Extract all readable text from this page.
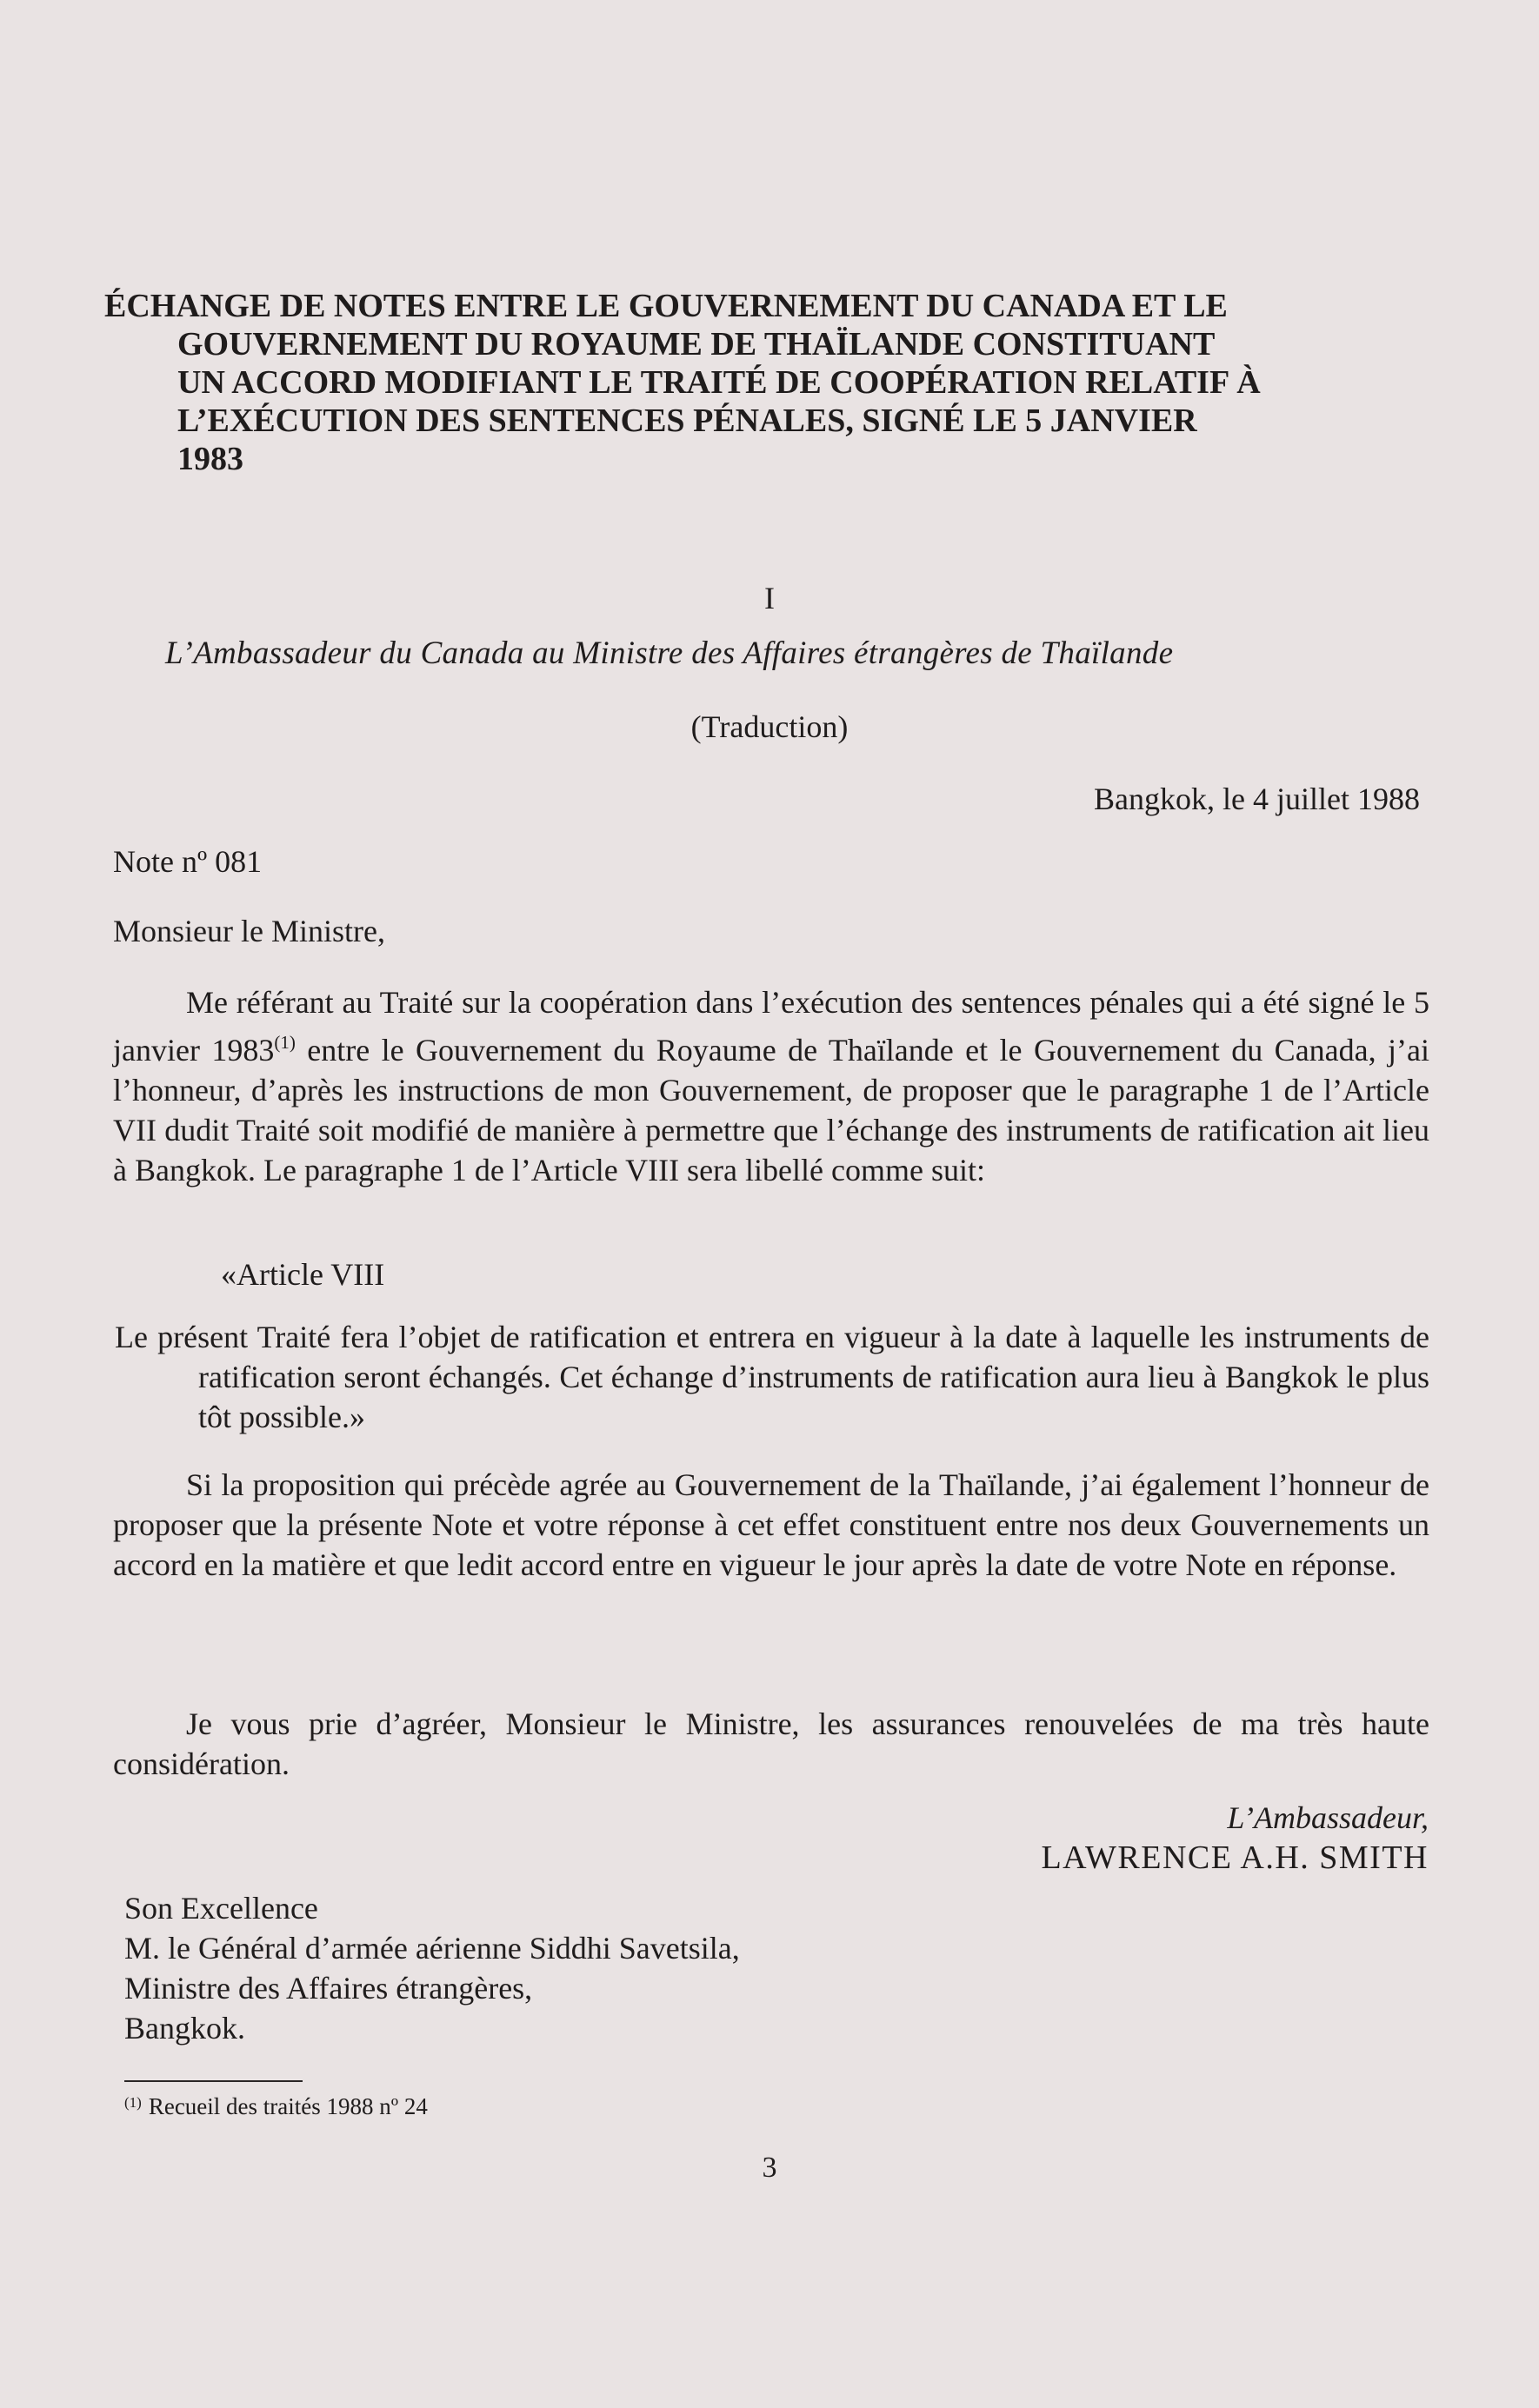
ÉCHANGE DE NOTES ENTRE LE GOUVERNEMENT DU CANADA ET LE
GOUVERNEMENT DU ROYAUME DE THAÏLANDE CONSTITUANT
UN ACCORD MODIFIANT LE TRAITÉ DE COOPÉRATION RELATIF À
L’EXÉCUTION DES SENTENCES PÉNALES, SIGNÉ LE 5 JANVIER
1983
I
L’Ambassadeur du Canada au Ministre des Affaires étrangères de Thaïlande
(Traduction)
Bangkok, le 4 juillet 1988
Note nº 081
Monsieur le Ministre,

Me référant au Traité sur la coopération dans l’exécution des sentences pénales qui a été signé le 5 janvier 1983$^{(1)}$ entre le Gouvernement du Royaume de Thaïlande et le Gouvernement du Canada, j’ai l’honneur, d’après les instructions de mon Gouvernement, de proposer que le paragraphe 1 de l’Article VII dudit Traité soit modifié de manière à permettre que l’échange des instruments de ratification ait lieu à Bangkok. Le paragraphe 1 de l’Article VIII sera libellé comme suit:

«Article VIII

Le présent Traité fera l’objet de ratification et entrera en vigueur à la date à laquelle les instruments de ratification seront échangés. Cet échange d’instruments de ratification aura lieu à Bangkok le plus tôt possible.»

Si la proposition qui précède agrée au Gouvernement de la Thaïlande, j’ai également l’honneur de proposer que la présente Note et votre réponse à cet effet constituent entre nos deux Gouvernements un accord en la matière et que ledit accord entre en vigueur le jour après la date de votre Note en réponse.

Je vous prie d’agréer, Monsieur le Ministre, les assurances renouvelées de ma très haute considération.

L’Ambassadeur,
LAWRENCE A.H. SMITH
Son Excellence
M. le Général d’armée aérienne Siddhi Savetsila,
Ministre des Affaires étrangères,
Bangkok.
$^{(1)}$ Recueil des traités 1988 nº 24
3
